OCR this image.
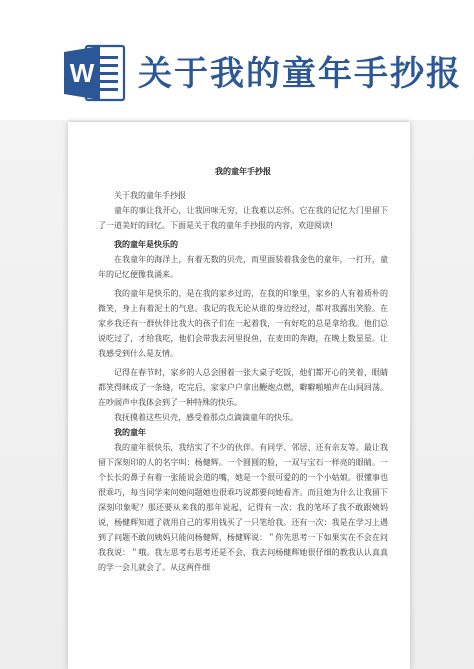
W 关于我的童年手抄报
我的童年手抄报

关于我的童年手抄报

童年的事让我开心，让我回味无穷，让我难以忘怀。它在我的记忆大门里留下了一道美好的回忆。下面是关于我的童年手抄报的内容，欢迎阅读!

我的童年是快乐的

在我童年的海洋上，有着无数的贝壳，而里面装着我金色的童年，一打开，童年的记忆便像我涌来。

我的童年是快乐的，是在我的家乡过的，在我的印象里，家乡的人有着质朴的微笑，身上有着泥土的气息。我记的我无论从谁的身边经过，都对我露出笑脸。在家乡我还有一群伙伴比我大的孩子们在一起着我，一有好吃的总是拿给我。他们总说吃过了，才给我吃，他们会带我去河里捉鱼，在麦田的奔跑，在晚上数星星。让我感受到什么是友情。

记得在春节时，家乡的人总会围着一张大桌子吃饭，他们都开心的笑着，眼睛都笑得眯成了一条缝，吃完后，家家户户拿出鞭炮点燃，噼噼啪啪声在山间回荡。在吵闹声中我体会到了一种特殊的快乐。

我抚摸着这些贝壳，感受着那点点滴滴童年的快乐。

我的童年

我的童年很快乐，我结实了不少的伙伴。有同学、邻居、还有亲友等。最让我留下深刻印的人的名字叫：杨健辉。一个圆圆的脸，一双与宝石一样亮的眼睛。一个长长的鼻子有着一张能说会道的嘴，她是一个很可爱的的一个小姑娘。很懂事也很乖巧，每当同学来问她问题她也很乖巧说都要问她看齐。而且她为什么让我留下深刻印象呢？那还要从来我的那年说起，记得有一次：我的笔坏了我不敢跟姨妈说，杨健辉知道了就用自己的零用钱买了一只笔给我。还有一次：我是在学习上遇到了问题不敢问姨妈只能问杨健辉，杨健辉说：＂你先思考一下如果实在不会在问我我说：＂哦。我左思考右思考还是不会，我去问杨健辉她很仔细的教我认认真真的学一会儿就会了。从这两件细
